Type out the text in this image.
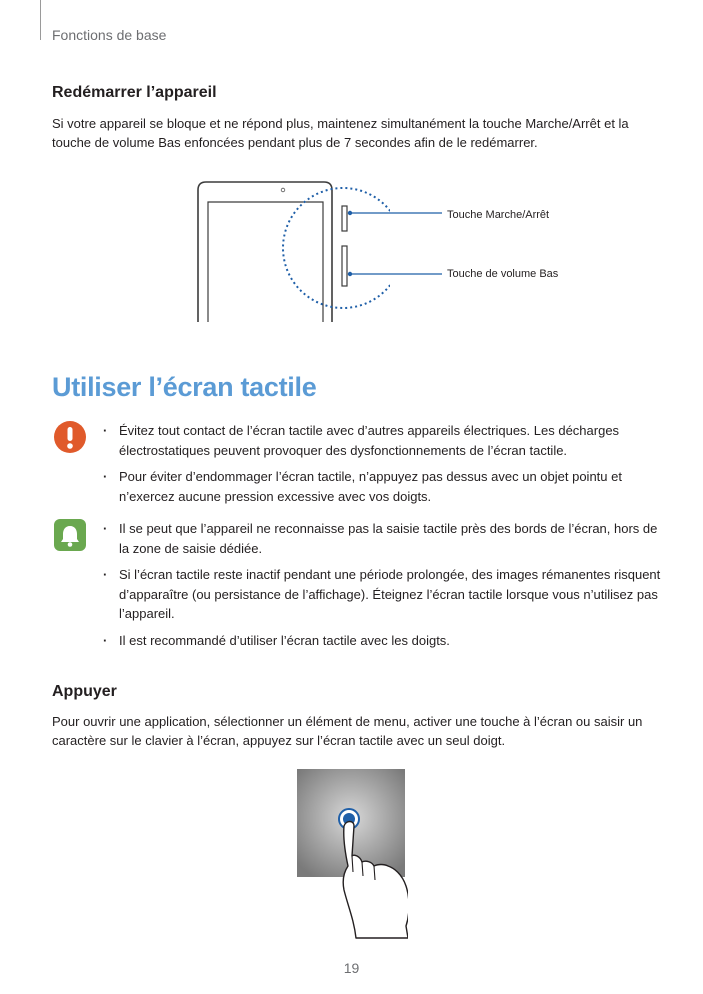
Fonctions de base
Redémarrer l’appareil
Si votre appareil se bloque et ne répond plus, maintenez simultanément la touche Marche/Arrêt et la touche de volume Bas enfoncées pendant plus de 7 secondes afin de le redémarrer.
Touche Marche/Arrêt
Touche de volume Bas
Utiliser l’écran tactile
· Évitez tout contact de l’écran tactile avec d’autres appareils électriques. Les décharges électrostatiques peuvent provoquer des dysfonctionnements de l’écran tactile.
· Pour éviter d’endommager l’écran tactile, n’appuyez pas dessus avec un objet pointu et n’exercez aucune pression excessive avec vos doigts.
· Il se peut que l’appareil ne reconnaisse pas la saisie tactile près des bords de l’écran, hors de la zone de saisie dédiée.
· Si l’écran tactile reste inactif pendant une période prolongée, des images rémanentes risquent d’apparaître (ou persistance de l’affichage). Éteignez l’écran tactile lorsque vous n’utilisez pas l’appareil.
· Il est recommandé d’utiliser l’écran tactile avec les doigts.
Appuyer
Pour ouvrir une application, sélectionner un élément de menu, activer une touche à l’écran ou saisir un caractère sur le clavier à l’écran, appuyez sur l’écran tactile avec un seul doigt.
19
